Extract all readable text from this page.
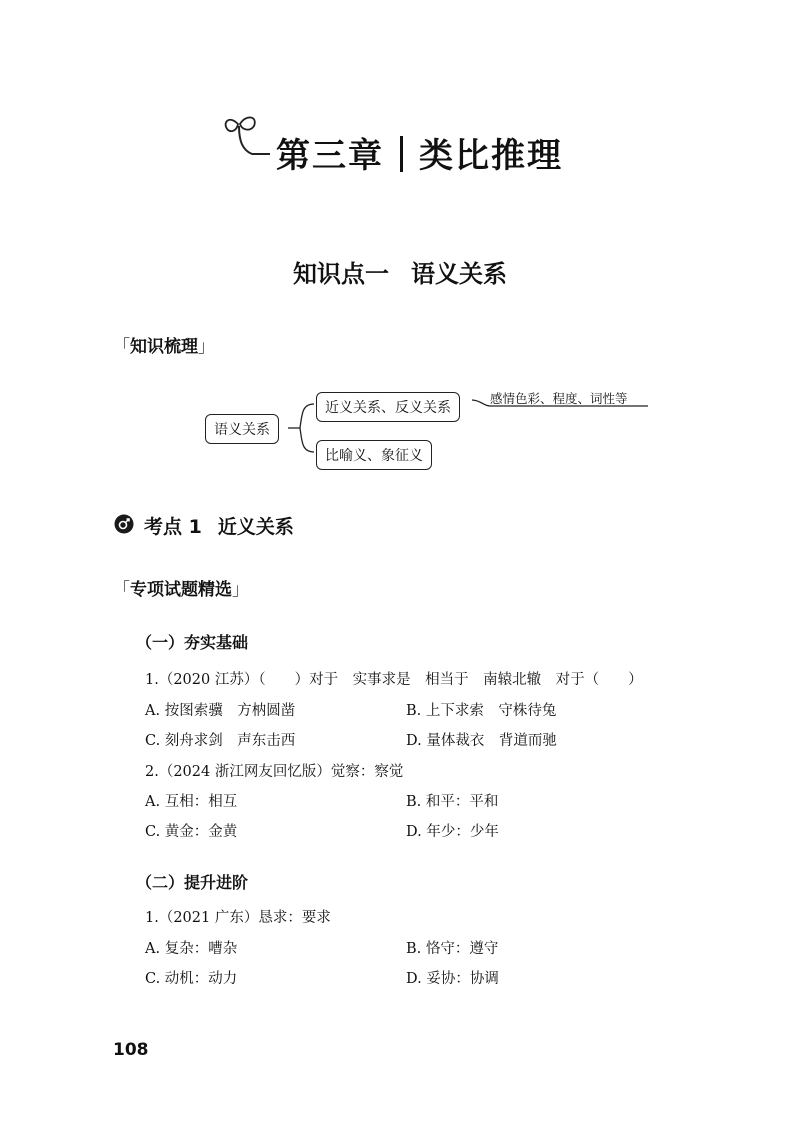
第三章 类比推理
知识点一 语义关系
「知识梳理」
语义关系
近义关系、反义关系
感情色彩、程度、词性等
比喻义、象征义
考点 1 近义关系
「专项试题精选」
（一）夯实基础
1.（2020 江苏）（　　）对于　实事求是　相当于　南辕北辙　对于（　　）
A. 按图索骥　方枘圆凿	B. 上下求索　守株待兔
C. 刻舟求剑　声东击西	D. 量体裁衣　背道而驰
2.（2024 浙江网友回忆版）觉察：察觉
A. 互相：相互	B. 和平：平和
C. 黄金：金黄	D. 年少：少年
（二）提升进阶
1.（2021 广东）恳求：要求
A. 复杂：嘈杂	B. 恪守：遵守
C. 动机：动力	D. 妥协：协调
108
